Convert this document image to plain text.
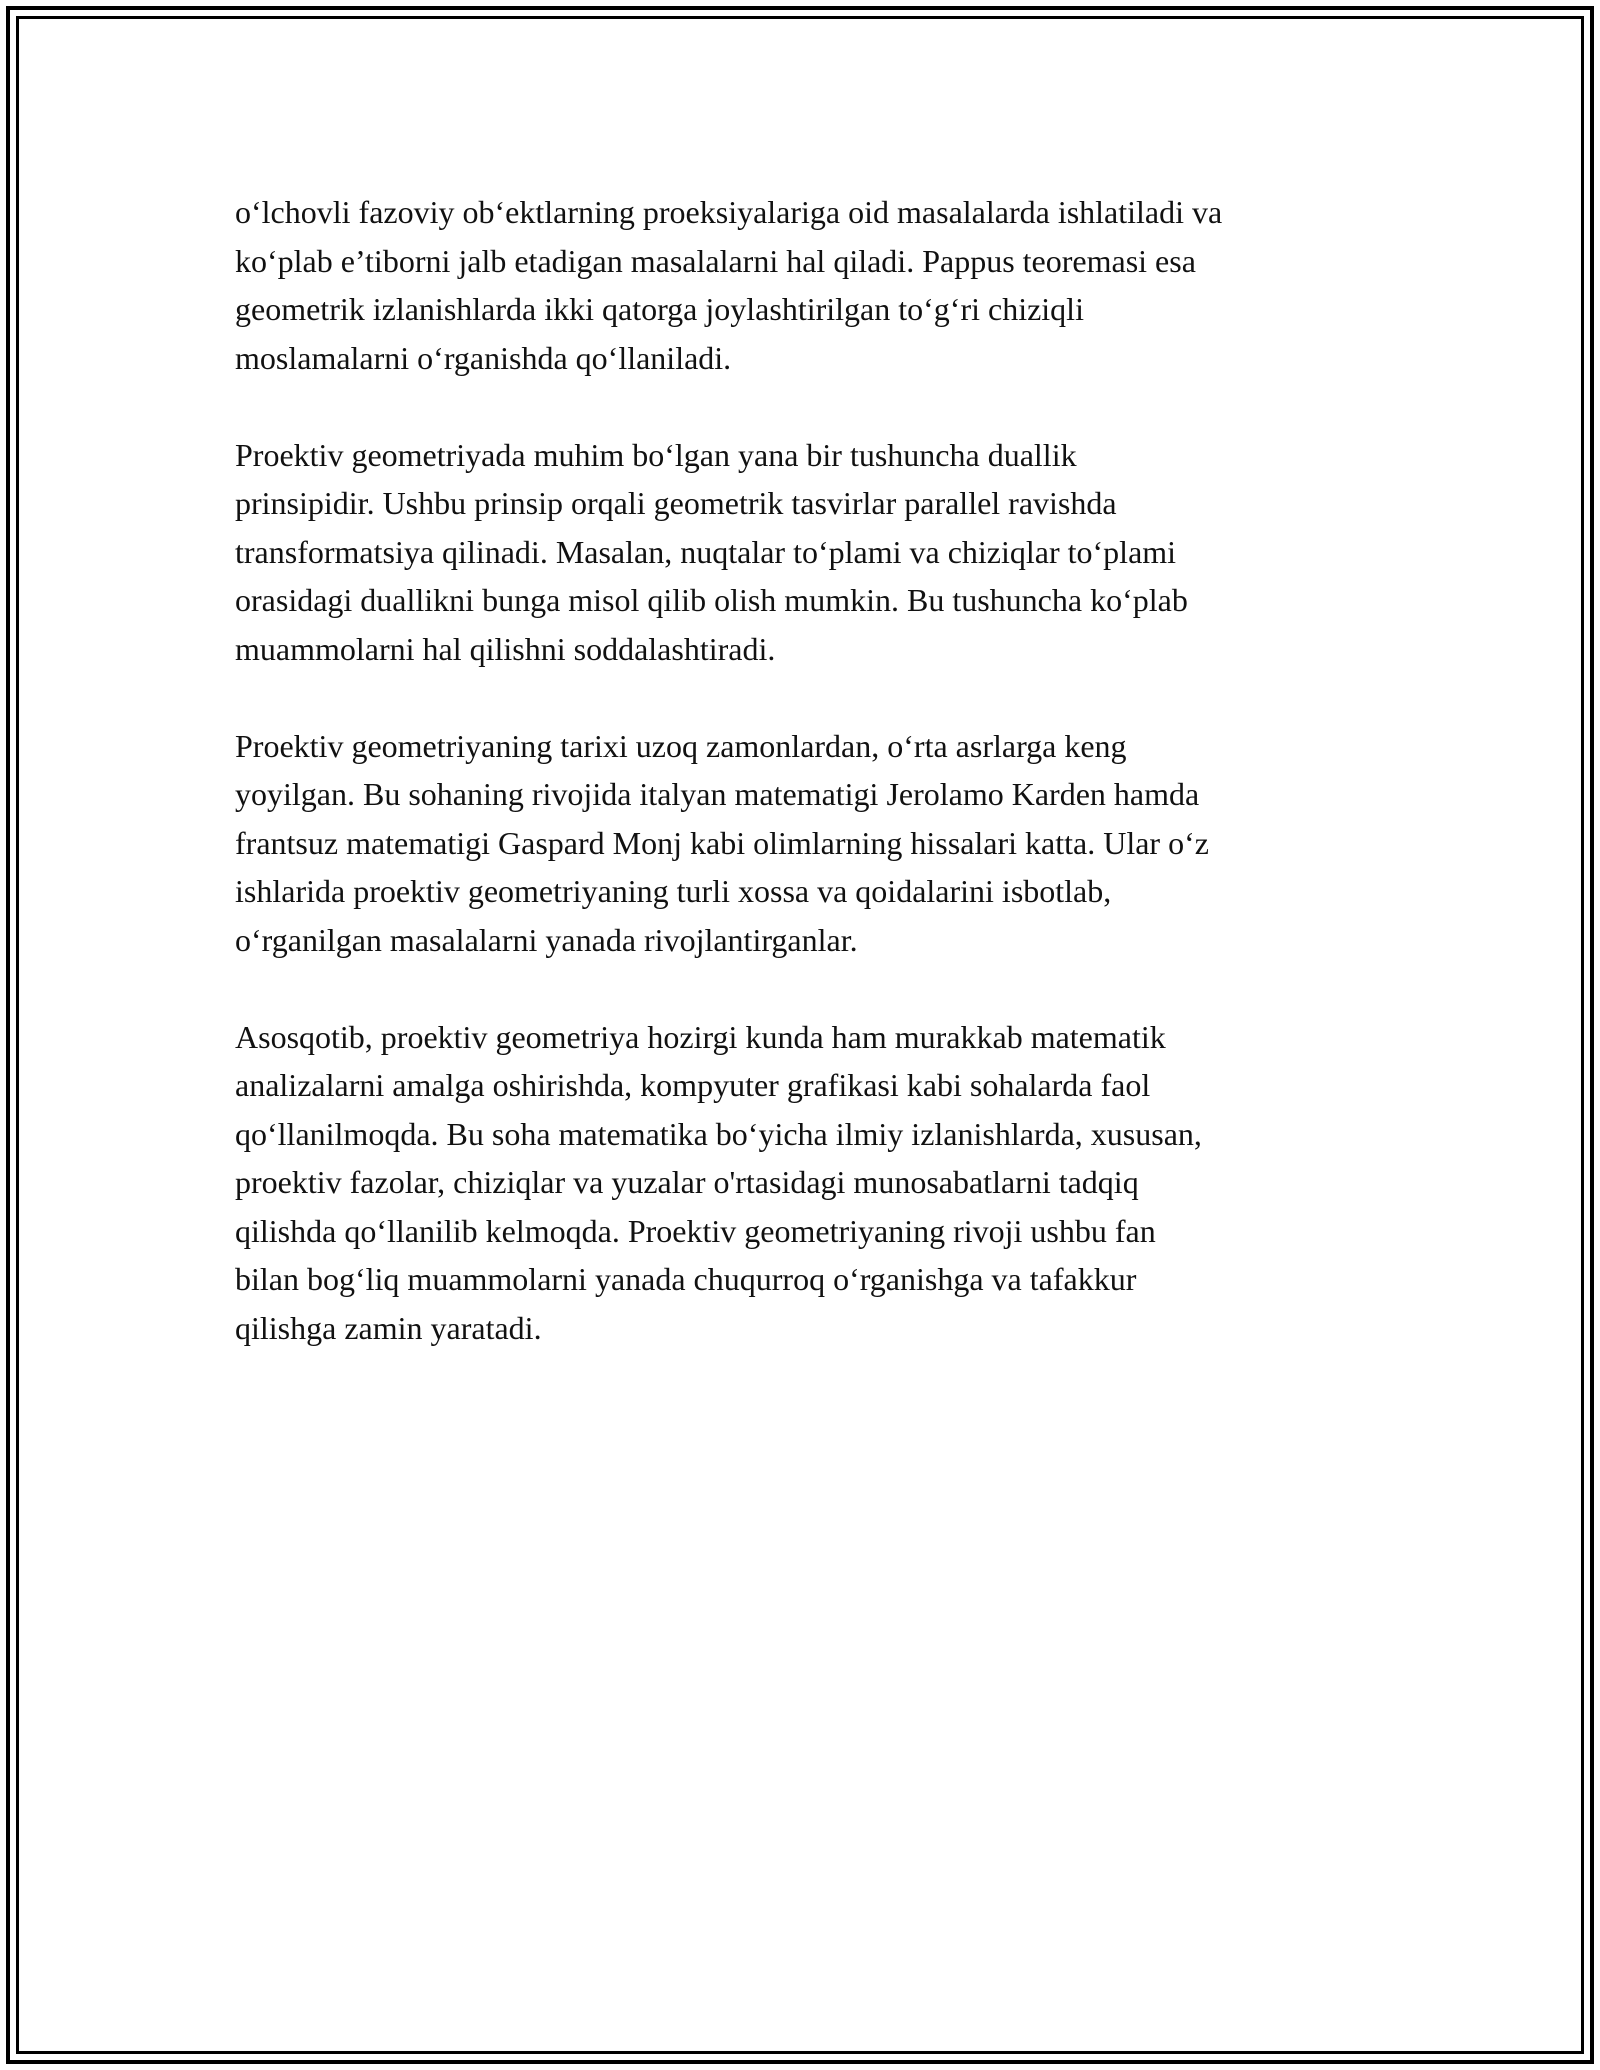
o‘lchovli fazoviy ob‘ektlarning proeksiyalariga oid masalalarda ishlatiladi va
ko‘plab e’tiborni jalb etadigan masalalarni hal qiladi. Pappus teoremasi esa
geometrik izlanishlarda ikki qatorga joylashtirilgan to‘g‘ri chiziqli
moslamalarni o‘rganishda qo‘llaniladi.

Proektiv geometriyada muhim bo‘lgan yana bir tushuncha duallik
prinsipidir. Ushbu prinsip orqali geometrik tasvirlar parallel ravishda
transformatsiya qilinadi. Masalan, nuqtalar to‘plami va chiziqlar to‘plami
orasidagi duallikni bunga misol qilib olish mumkin. Bu tushuncha ko‘plab
muammolarni hal qilishni soddalashtiradi.

Proektiv geometriyaning tarixi uzoq zamonlardan, o‘rta asrlarga keng
yoyilgan. Bu sohaning rivojida italyan matematigi Jerolamo Karden hamda
frantsuz matematigi Gaspard Monj kabi olimlarning hissalari katta. Ular o‘z
ishlarida proektiv geometriyaning turli xossa va qoidalarini isbotlab,
o‘rganilgan masalalarni yanada rivojlantirganlar.

Asosqotib, proektiv geometriya hozirgi kunda ham murakkab matematik
analizalarni amalga oshirishda, kompyuter grafikasi kabi sohalarda faol
qo‘llanilmoqda. Bu soha matematika bo‘yicha ilmiy izlanishlarda, xususan,
proektiv fazolar, chiziqlar va yuzalar o'rtasidagi munosabatlarni tadqiq
qilishda qo‘llanilib kelmoqda. Proektiv geometriyaning rivoji ushbu fan
bilan bog‘liq muammolarni yanada chuqurroq o‘rganishga va tafakkur
qilishga zamin yaratadi.
